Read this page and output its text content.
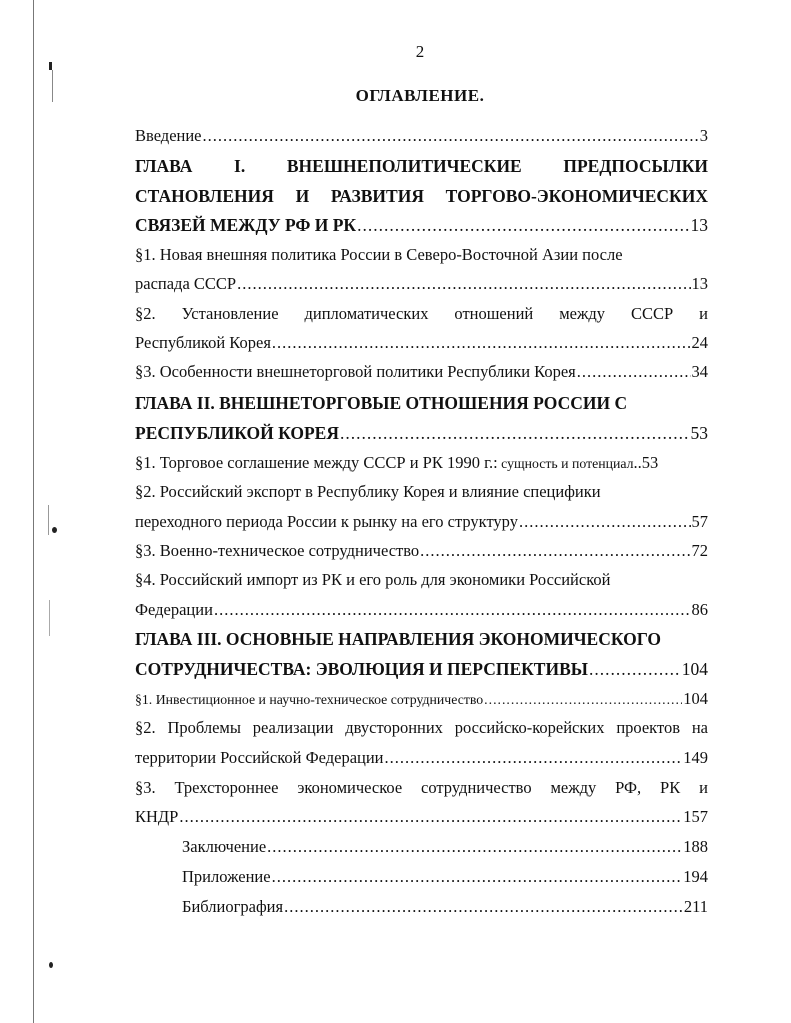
2
ОГЛАВЛЕНИЕ.
Введение .....	3
ГЛАВА I. ВНЕШНЕПОЛИТИЧЕСКИЕ ПРЕДПОСЫЛКИ
СТАНОВЛЕНИЯ И РАЗВИТИЯ ТОРГОВО-ЭКОНОМИЧЕСКИХ
СВЯЗЕЙ МЕЖДУ РФ И РК .....	13
§1. Новая внешняя политика России в Северо-Восточной Азии после
распада СССР .....	13
§2. Установление дипломатических отношений между СССР и
Республикой Корея .....	24
§3. Особенности внешнеторговой политики Республики Корея .....	34
ГЛАВА II. ВНЕШНЕТОРГОВЫЕ ОТНОШЕНИЯ РОССИИ С
РЕСПУБЛИКОЙ КОРЕЯ .....	53
§1. Торговое соглашение между СССР и РК 1990 г.: сущность и потенциал..53
§2. Российский экспорт в Республику Корея и влияние специфики
переходного периода России к рынку на его структуру .....	57
§3. Военно-техническое сотрудничество .....	72
§4. Российский импорт из РК и его роль для экономики Российской
Федерации .....	86
ГЛАВА III. ОСНОВНЫЕ НАПРАВЛЕНИЯ ЭКОНОМИЧЕСКОГО
СОТРУДНИЧЕСТВА: ЭВОЛЮЦИЯ И ПЕРСПЕКТИВЫ .....	104
§1. Инвестиционное и научно-техническое сотрудничество .....	104
§2. Проблемы реализации двусторонних российско-корейских проектов на
территории Российской Федерации .....	149
§3. Трехстороннее экономическое сотрудничество между РФ, РК и
КНДР .....	157
Заключение .....	188
Приложение .....	194
Библиография .....	211
